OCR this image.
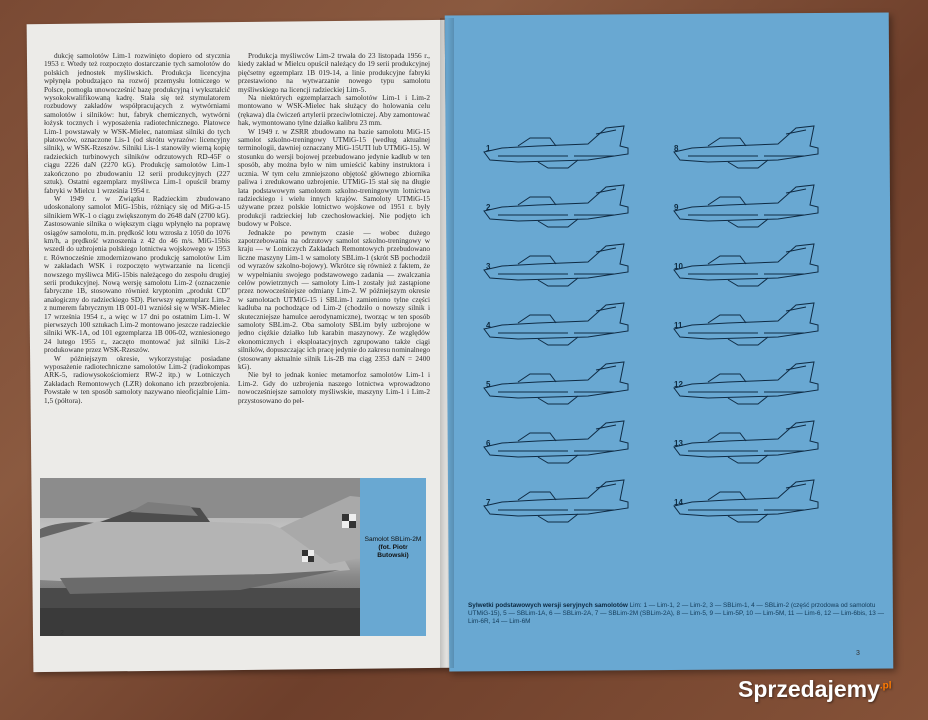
dukcję samolotów Lim-1 rozwinięto dopiero od stycznia 1953 r. Wtedy też rozpoczęto dostarczanie tych samolotów do polskich jednostek myśliwskich. Produkcja licencyjna wpłynęła pobudzająco na rozwój przemysłu lotniczego w Polsce, pomogła unowocześnić bazę produkcyjną i wykształcić wysokokwalifikowaną kadrę. Stała się też stymulatorem rozbudowy zakładów współpracujących z wytwórniami samolotów i silników: hut, fabryk chemicznych, wytwórni łożysk tocznych i wyposażenia radiotechnicznego. Płatowce Lim-1 powstawały w WSK-Mielec, natomiast silniki do tych płatowców, oznaczone Lis-1 (od skrótu wyrazów: licencyjny silnik), w WSK-Rzeszów. Silniki Lis-1 stanowiły wierną kopię radzieckich turbinowych silników odrzutowych RD-45F o ciągu 2226 daN (2270 kG). Produkcję samolotów Lim-1 zakończono po zbudowaniu 12 serii produkcyjnych (227 sztuk). Ostatni egzemplarz myśliwca Lim-1 opuścił bramy fabryki w Mielcu 1 września 1954 r.

W 1949 r. w Związku Radzieckim zbudowano udoskonalony samolot MiG-15bis, różniący się od MiG-a-15 silnikiem WK-1 o ciągu zwiększonym do 2648 daN (2700 kG). Zastosowanie silnika o większym ciągu wpłynęło na poprawę osiągów samolotu, m.in. prędkość lotu wzrosła z 1050 do 1076 km/h, a prędkość wznoszenia z 42 do 46 m/s. MiG-15bis wszedł do uzbrojenia polskiego lotnictwa wojskowego w 1953 r. Równocześnie zmodernizowano produkcję samolotów Lim w zakładach WSK i rozpoczęto wytwarzanie na licencji nowszego myśliwca MiG-15bis należącego do zespołu drugiej serii produkcyjnej. Nową wersję samolotu Lim-2 (oznaczenie fabryczne 1B, stosowano również kryptonim „produkt CD” analogiczny do radzieckiego SD). Pierwszy egzemplarz Lim-2 z numerem fabrycznym 1B 001-01 wzniósł się w WSK-Mielec 17 września 1954 r., a więc w 17 dni po ostatnim Lim-1. W pierwszych 100 sztukach Lim-2 montowano jeszcze radzieckie silniki WK-1A, od 101 egzemplarza 1B 006-02, wzniesionego 24 lutego 1955 r., zaczęto montować już silniki Lis-2 produkowane przez WSK-Rzeszów.

W późniejszym okresie, wykorzystując posiadane wyposażenie radiotechniczne samolotów Lim-2 (radiokompas ARK-5, radiowysokościomierz RW-2 itp.) w Lotniczych Zakładach Remontowych (LZR) dokonano ich przezbrojenia. Powstałe w ten sposób samoloty nazywano nieoficjalnie Lim-1,5 (półtora).

Produkcja myśliwców Lim-2 trwała do 23 listopada 1956 r., kiedy zakład w Mielcu opuścił należący do 19 serii produkcyjnej pięćsetny egzemplarz 1B 019-14, a linie produkcyjne fabryki przestawiono na wytwarzanie nowego typu samolotu myśliwskiego na licencji radzieckiej Lim-5.

Na niektórych egzemplarzach samolotów Lim-1 i Lim-2 montowano w WSK-Mielec hak służący do holowania celu (rękawa) dla ćwiczeń artylerii przeciwlotniczej. Aby zamontować hak, wymontowano tylne działko kalibru 23 mm.

W 1949 r. w ZSRR zbudowano na bazie samolotu MiG-15 samolot szkolno-treningowy UTMiG-15 (według aktualnej terminologii, dawniej oznaczany MiG-15UTI lub UTMiG-15). W stosunku do wersji bojowej przebudowano jedynie kadłub w ten sposób, aby można było w nim umieścić kabiny instruktora i ucznia. W tym celu zmniejszono objętość głównego zbiornika paliwa i zredukowano uzbrojenie. UTMiG-15 stał się na długie lata podstawowym samolotem szkolno-treningowym lotnictwa radzieckiego i wielu innych krajów. Samoloty UTMiG-15 używane przez polskie lotnictwo wojskowe od 1951 r. były produkcji radzieckiej lub czechosłowackiej. Nie podjęto ich budowy w Polsce.

Jednakże po pewnym czasie — wobec dużego zapotrzebowania na odrzutowy samolot szkolno-treningowy w kraju — w Lotniczych Zakładach Remontowych przebudowano liczne maszyny Lim-1 w samoloty SBLim-1 (skrót SB pochodził od wyrazów szkolno-bojowy). Wkrótce się również z faktem, że w wypełnianiu swojego podstawowego zadania — zwalczania celów powietrznych — samoloty Lim-1 zostały już zastąpione przez nowocześniejsze odmiany Lim-2. W późniejszym okresie w samolotach UTMiG-15 i SBLim-1 zamieniono tylne części kadłuba na pochodzące od Lim-2 (chodziło o nowszy silnik i skuteczniejsze hamulce aerodynamiczne), tworząc w ten sposób samoloty SBLim-2. Oba samoloty SBLim były uzbrojone w jedno ciężkie działko lub karabin maszynowy. Ze względów ekonomicznych i eksploatacyjnych zgrupowano także ciągi silników, dopuszczając ich pracę jedynie do zakresu nominalnego (stosowany aktualnie silnik Lis-2B ma ciąg 2353 daN = 2400 kG).

Nie był to jednak koniec metamorfoz samolotów Lim-1 i Lim-2. Gdy do uzbrojenia naszego lotnictwa wprowadzono nowocześniejsze samoloty myśliwskie, maszyny Lim-1 i Lim-2 przystosowano do peł-

Samolot SBLim-2M
(fot. Piotr Butowski)
2
1
2
3
4
5
6
7
8
9
10
11
12
13
14
Sylwetki podstawowych wersji seryjnych samolotów Lim: 1 — Lim-1, 2 — Lim-2, 3 — SBLim-1, 4 — SBLim-2 (część przodowa od samolotu UTMiG-15), 5 — SBLim-1A, 6 — SBLim-2A, 7 — SBLim-2M (SBLim-2A), 8 — Lim-5, 9 — Lim-5P, 10 — Lim-5M, 11 — Lim-6, 12 — Lim-6bis, 13 — Lim-6R, 14 — Lim-6M
3
Sprzedajemy$^{.pl}$
